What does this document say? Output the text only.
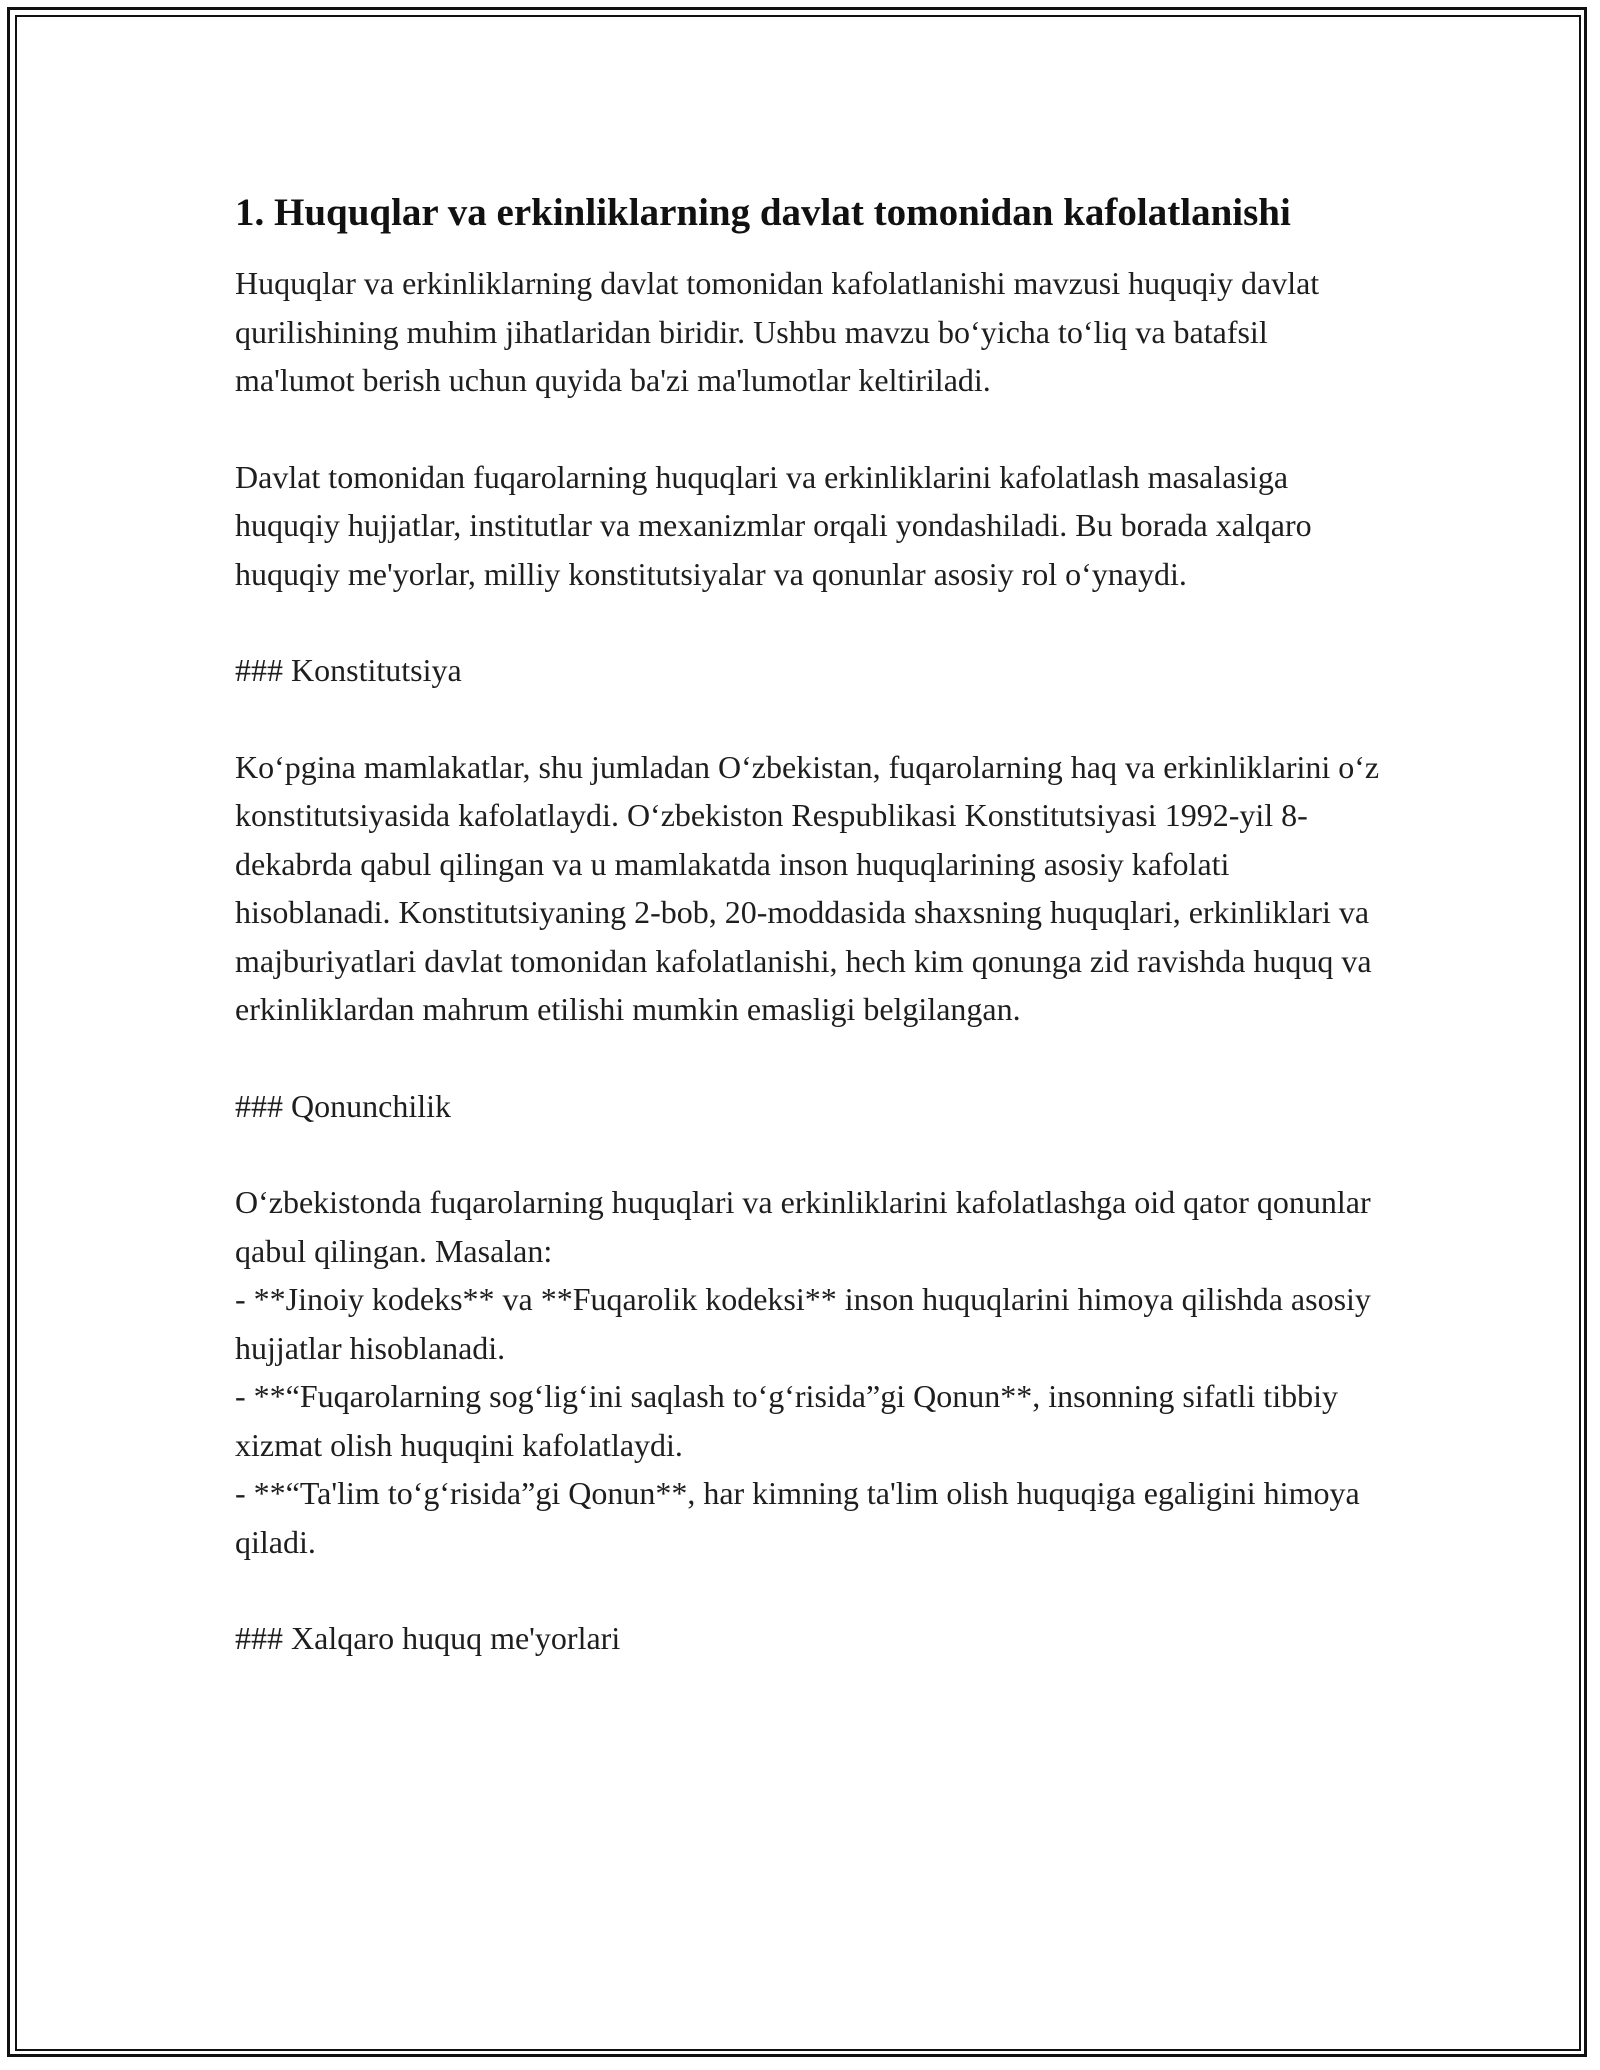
1. Huquqlar va erkinliklarning davlat tomonidan kafolatlanishi

Huquqlar va erkinliklarning davlat tomonidan kafolatlanishi mavzusi huquqiy davlat qurilishining muhim jihatlaridan biridir. Ushbu mavzu bo‘yicha to‘liq va batafsil ma'lumot berish uchun quyida ba'zi ma'lumotlar keltiriladi.

Davlat tomonidan fuqarolarning huquqlari va erkinliklarini kafolatlash masalasiga huquqiy hujjatlar, institutlar va mexanizmlar orqali yondashiladi. Bu borada xalqaro huquqiy me'yorlar, milliy konstitutsiyalar va qonunlar asosiy rol o‘ynaydi.

### Konstitutsiya

Ko‘pgina mamlakatlar, shu jumladan O‘zbekistan, fuqarolarning haq va erkinliklarini o‘z konstitutsiyasida kafolatlaydi. O‘zbekiston Respublikasi Konstitutsiyasi 1992-yil 8-dekabrda qabul qilingan va u mamlakatda inson huquqlarining asosiy kafolati hisoblanadi. Konstitutsiyaning 2-bob, 20-moddasida shaxsning huquqlari, erkinliklari va majburiyatlari davlat tomonidan kafolatlanishi, hech kim qonunga zid ravishda huquq va erkinliklardan mahrum etilishi mumkin emasligi belgilangan.

### Qonunchilik

O‘zbekistonda fuqarolarning huquqlari va erkinliklarini kafolatlashga oid qator qonunlar qabul qilingan. Masalan:
- **Jinoiy kodeks** va **Fuqarolik kodeksi** inson huquqlarini himoya qilishda asosiy hujjatlar hisoblanadi.
- **“Fuqarolarning sog‘lig‘ini saqlash to‘g‘risida”gi Qonun**, insonning sifatli tibbiy xizmat olish huquqini kafolatlaydi.
- **“Ta'lim to‘g‘risida”gi Qonun**, har kimning ta'lim olish huquqiga egaligini himoya qiladi.

### Xalqaro huquq me'yorlari
